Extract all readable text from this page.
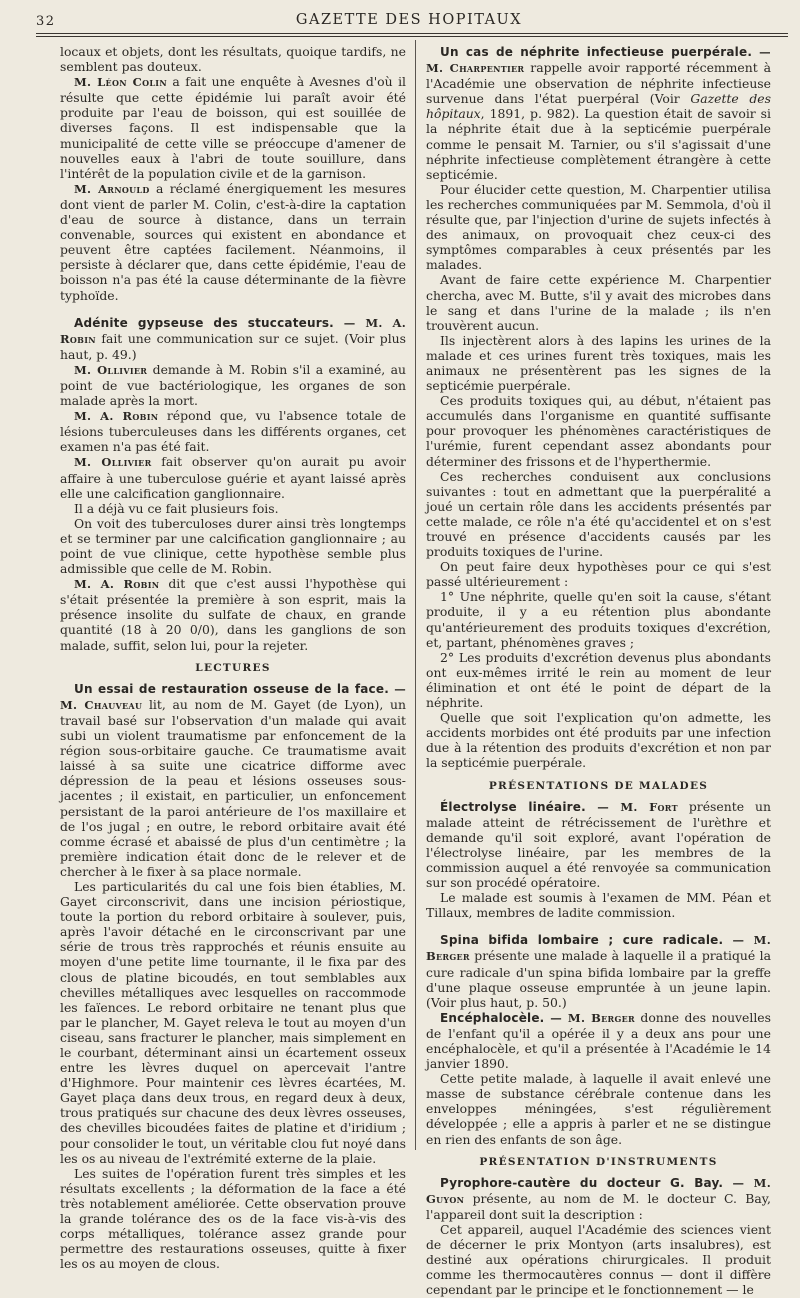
32	GAZETTE DES HOPITAUX

locaux et objets, dont les résultats, quoique tardifs, ne semblent pas douteux.

M. Léon Colin a fait une enquête à Avesnes d'où il résulte que cette épidémie lui paraît avoir été produite par l'eau de boisson, qui est souillée de diverses façons. Il est indispensable que la municipalité de cette ville se préoccupe d'amener de nouvelles eaux à l'abri de toute souillure, dans l'intérêt de la population civile et de la garnison.

M. Arnould a réclamé énergiquement les mesures dont vient de parler M. Colin, c'est-à-dire la captation d'eau de source à distance, dans un terrain convenable, sources qui existent en abondance et peuvent être captées facilement. Néanmoins, il persiste à déclarer que, dans cette épidémie, l'eau de boisson n'a pas été la cause déterminante de la fièvre typhoïde.

Adénite gypseuse des stuccateurs. — M. A. Robin fait une communication sur ce sujet. (Voir plus haut, p. 49.)

M. Ollivier demande à M. Robin s'il a examiné, au point de vue bactériologique, les organes de son malade après la mort.

M. A. Robin répond que, vu l'absence totale de lésions tuberculeuses dans les différents organes, cet examen n'a pas été fait.

M. Ollivier fait observer qu'on aurait pu avoir affaire à une tuberculose guérie et ayant laissé après elle une calcification ganglionnaire.

Il a déjà vu ce fait plusieurs fois.

On voit des tuberculoses durer ainsi très longtemps et se terminer par une calcification ganglionnaire ; au point de vue clinique, cette hypothèse semble plus admissible que celle de M. Robin.

M. A. Robin dit que c'est aussi l'hypothèse qui s'était présentée la première à son esprit, mais la présence insolite du sulfate de chaux, en grande quantité (18 à 20 0/0), dans les ganglions de son malade, suffit, selon lui, pour la rejeter.

LECTURES

Un essai de restauration osseuse de la face. — M. Chauveau lit, au nom de M. Gayet (de Lyon), un travail basé sur l'observation d'un malade qui avait subi un violent traumatisme par enfoncement de la région sous-orbitaire gauche. Ce traumatisme avait laissé à sa suite une cicatrice difforme avec dépression de la peau et lésions osseuses sous-jacentes ; il existait, en particulier, un enfoncement persistant de la paroi antérieure de l'os maxillaire et de l'os jugal ; en outre, le rebord orbitaire avait été comme écrasé et abaissé de plus d'un centimètre ; la première indication était donc de le relever et de chercher à le fixer à sa place normale.

Les particularités du cal une fois bien établies, M. Gayet circonscrivit, dans une incision périostique, toute la portion du rebord orbitaire à soulever, puis, après l'avoir détaché en le circonscrivant par une série de trous très rapprochés et réunis ensuite au moyen d'une petite lime tournante, il le fixa par des clous de platine bicoudés, en tout semblables aux chevilles métalliques avec lesquelles on raccommode les faïences. Le rebord orbitaire ne tenant plus que par le plancher, M. Gayet releva le tout au moyen d'un ciseau, sans fracturer le plancher, mais simplement en le courbant, déterminant ainsi un écartement osseux entre les lèvres duquel on apercevait l'antre d'Highmore. Pour maintenir ces lèvres écartées, M. Gayet plaça dans deux trous, en regard deux à deux, trous pratiqués sur chacune des deux lèvres osseuses, des chevilles bicoudées faites de platine et d'iridium ; pour consolider le tout, un véritable clou fut noyé dans les os au niveau de l'extrémité externe de la plaie.

Les suites de l'opération furent très simples et les résultats excellents ; la déformation de la face a été très notablement améliorée. Cette observation prouve la grande tolérance des os de la face vis-à-vis des corps métalliques, tolérance assez grande pour permettre des restaurations osseuses, quitte à fixer les os au moyen de clous.

Un cas de néphrite infectieuse puerpérale. — M. Charpentier rappelle avoir rapporté récemment à l'Académie une observation de néphrite infectieuse survenue dans l'état puerpéral (Voir Gazette des hôpitaux, 1891, p. 982). La question était de savoir si la néphrite était due à la septicémie puerpérale comme le pensait M. Tarnier, ou s'il s'agissait d'une néphrite infectieuse complètement étrangère à cette septicémie.

Pour élucider cette question, M. Charpentier utilisa les recherches communiquées par M. Semmola, d'où il résulte que, par l'injection d'urine de sujets infectés à des animaux, on provoquait chez ceux-ci des symptômes comparables à ceux présentés par les malades.

Avant de faire cette expérience M. Charpentier chercha, avec M. Butte, s'il y avait des microbes dans le sang et dans l'urine de la malade ; ils n'en trouvèrent aucun.

Ils injectèrent alors à des lapins les urines de la malade et ces urines furent très toxiques, mais les animaux ne présentèrent pas les signes de la septicémie puerpérale.

Ces produits toxiques qui, au début, n'étaient pas accumulés dans l'organisme en quantité suffisante pour provoquer les phénomènes caractéristiques de l'urémie, furent cependant assez abondants pour déterminer des frissons et de l'hyperthermie.

Ces recherches conduisent aux conclusions suivantes : tout en admettant que la puerpéralité a joué un certain rôle dans les accidents présentés par cette malade, ce rôle n'a été qu'accidentel et on s'est trouvé en présence d'accidents causés par les produits toxiques de l'urine.

On peut faire deux hypothèses pour ce qui s'est passé ultérieurement :

1° Une néphrite, quelle qu'en soit la cause, s'étant produite, il y a eu rétention plus abondante qu'antérieurement des produits toxiques d'excrétion, et, partant, phénomènes graves ;

2° Les produits d'excrétion devenus plus abondants ont eux-mêmes irrité le rein au moment de leur élimination et ont été le point de départ de la néphrite.

Quelle que soit l'explication qu'on admette, les accidents morbides ont été produits par une infection due à la rétention des produits d'excrétion et non par la septicémie puerpérale.

PRÉSENTATIONS DE MALADES

Électrolyse linéaire. — M. Fort présente un malade atteint de rétrécissement de l'urèthre et demande qu'il soit exploré, avant l'opération de l'électrolyse linéaire, par les membres de la commission auquel a été renvoyée sa communication sur son procédé opératoire.

Le malade est soumis à l'examen de MM. Péan et Tillaux, membres de ladite commission.

Spina bifida lombaire ; cure radicale. — M. Berger présente une malade à laquelle il a pratiqué la cure radicale d'un spina bifida lombaire par la greffe d'une plaque osseuse empruntée à un jeune lapin. (Voir plus haut, p. 50.)

Encéphalocèle. — M. Berger donne des nouvelles de l'enfant qu'il a opérée il y a deux ans pour une encéphalocèle, et qu'il a présentée à l'Académie le 14 janvier 1890.

Cette petite malade, à laquelle il avait enlevé une masse de substance cérébrale contenue dans les enveloppes méningées, s'est régulièrement développée ; elle a appris à parler et ne se distingue en rien des enfants de son âge.

PRÉSENTATION D'INSTRUMENTS

Pyrophore-cautère du docteur G. Bay. — M. Guyon présente, au nom de M. le docteur C. Bay, l'appareil dont suit la description :

Cet appareil, auquel l'Académie des sciences vient de décerner le prix Montyon (arts insalubres), est destiné aux opérations chirurgicales. Il produit comme les thermocautères connus — dont il diffère cependant par le principe et le fonctionnement — le
